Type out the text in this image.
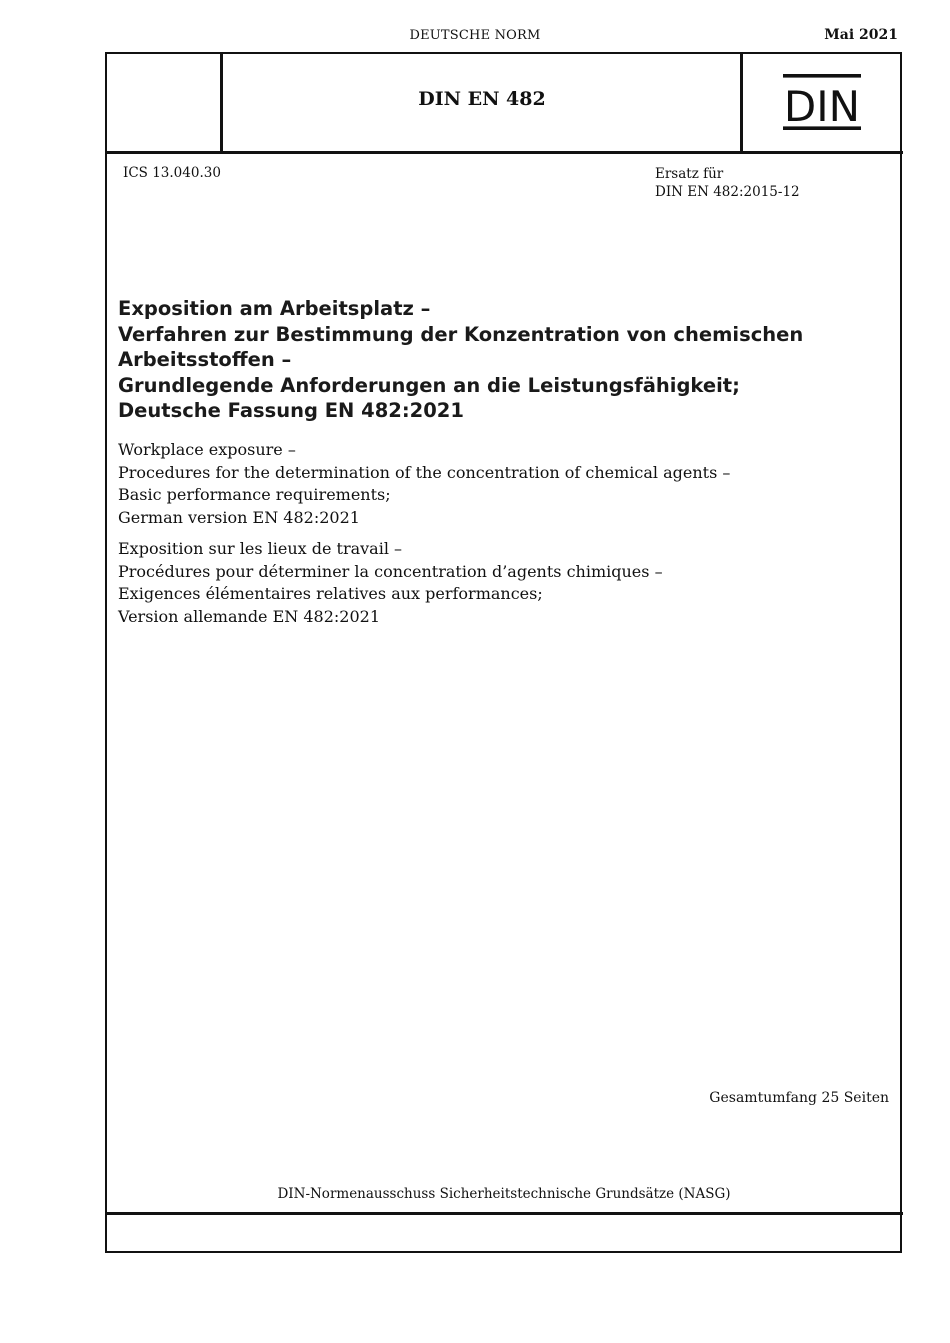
DEUTSCHE NORM	Mai 2021
DIN EN 482	DIN
ICS 13.040.30	Ersatz für
DIN EN 482:2015-12
Exposition am Arbeitsplatz –
Verfahren zur Bestimmung der Konzentration von chemischen
Arbeitsstoffen –
Grundlegende Anforderungen an die Leistungsfähigkeit;
Deutsche Fassung EN 482:2021
Workplace exposure –
Procedures for the determination of the concentration of chemical agents –
Basic performance requirements;
German version EN 482:2021
Exposition sur les lieux de travail –
Procédures pour déterminer la concentration d’agents chimiques –
Exigences élémentaires relatives aux performances;
Version allemande EN 482:2021
Gesamtumfang 25 Seiten
DIN-Normenausschuss Sicherheitstechnische Grundsätze (NASG)
